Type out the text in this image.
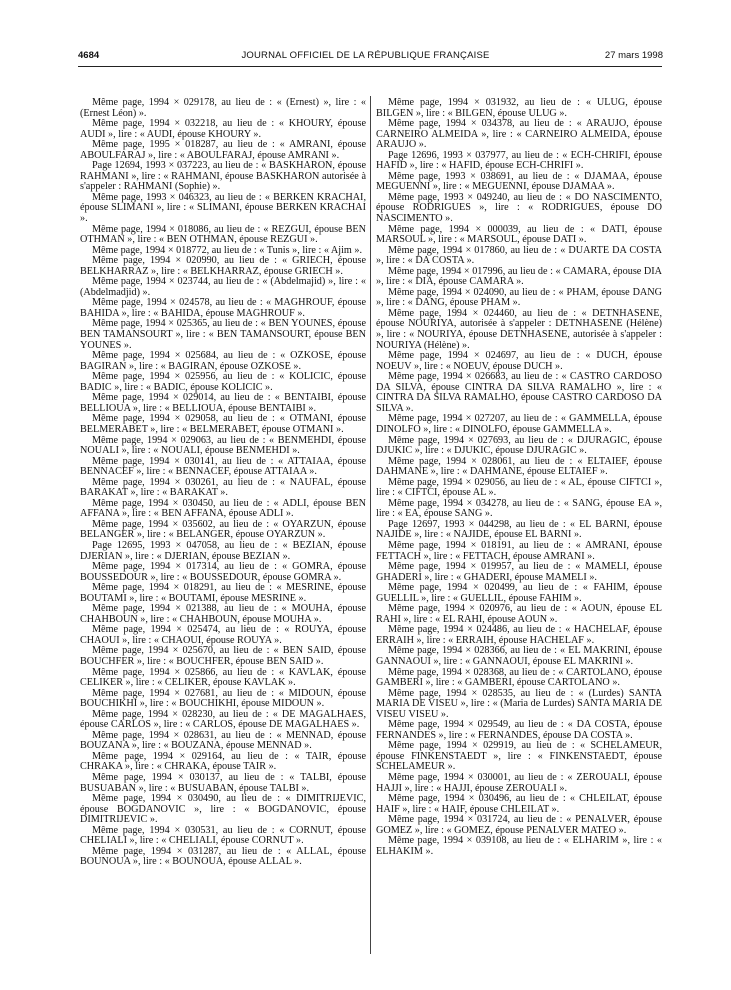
4684	JOURNAL OFFICIEL DE LA RÉPUBLIQUE FRANÇAISE	27 mars 1998

Même page, 1994 × 029178, au lieu de : « (Ernest) », lire : « (Ernest Léon) ».

Même page, 1994 × 032218, au lieu de : « KHOURY, épouse AUDI », lire : « AUDI, épouse KHOURY ».

Même page, 1995 × 018287, au lieu de : « AMRANI, épouse ABOULFARAJ », lire : « ABOULFARAJ, épouse AMRANI ».

Page 12694, 1993 × 037223, au lieu de : « BASKHARON, épouse RAHMANI », lire : « RAHMANI, épouse BASKHARON autorisée à s'appeler : RAHMANI (Sophie) ».

Même page, 1993 × 046323, au lieu de : « BERKEN KRACHAI, épouse SLIMANI », lire : « SLIMANI, épouse BERKEN KRACHAI ».

Même page, 1994 × 018086, au lieu de : « REZGUI, épouse BEN OTHMAN », lire : « BEN OTHMAN, épouse REZGUI ».

Même page, 1994 × 018772, au lieu de : « Tunis », lire : « Ajim ».

Même page, 1994 × 020990, au lieu de : « GRIECH, épouse BELKHARRAZ », lire : « BELKHARRAZ, épouse GRIECH ».

Même page, 1994 × 023744, au lieu de : « (Abdelmajid) », lire : « (Abdelmadjid) ».

Même page, 1994 × 024578, au lieu de : « MAGHROUF, épouse BAHIDA », lire : « BAHIDA, épouse MAGHROUF ».

Même page, 1994 × 025365, au lieu de : « BEN YOUNES, épouse BEN TAMANSOURT », lire : « BEN TAMANSOURT, épouse BEN YOUNES ».

Même page, 1994 × 025684, au lieu de : « OZKOSE, épouse BAGIRAN », lire : « BAGIRAN, épouse OZKOSE ».

Même page, 1994 × 025956, au lieu de : « KOLICIC, épouse BADIC », lire : « BADIC, épouse KOLICIC ».

Même page, 1994 × 029014, au lieu de : « BENTAIBI, épouse BELLIOUA », lire : « BELLIOUA, épouse BENTAIBI ».

Même page, 1994 × 029058, au lieu de : « OTMANI, épouse BELMERABET », lire : « BELMERABET, épouse OTMANI ».

Même page, 1994 × 029063, au lieu de : « BENMEHDI, épouse NOUALI », lire : « NOUALI, épouse BENMEHDI ».

Même page, 1994 × 030141, au lieu de : « ATTAIAA, épouse BENNACEF », lire : « BENNACEF, épouse ATTAIAA ».

Même page, 1994 × 030261, au lieu de : « NAUFAL, épouse BARAKAT », lire : « BARAKAT ».

Même page, 1994 × 030450, au lieu de : « ADLI, épouse BEN AFFANA », lire : « BEN AFFANA, épouse ADLI ».

Même page, 1994 × 035602, au lieu de : « OYARZUN, épouse BELANGER », lire : « BELANGER, épouse OYARZUN ».

Page 12695, 1993 × 047058, au lieu de : « BEZIAN, épouse DJERIAN », lire : « DJERIAN, épouse BEZIAN ».

Même page, 1994 × 017314, au lieu de : « GOMRA, épouse BOUSSEDOUR », lire : « BOUSSEDOUR, épouse GOMRA ».

Même page, 1994 × 018291, au lieu de : « MESRINE, épouse BOUTAMI », lire : « BOUTAMI, épouse MESRINE ».

Même page, 1994 × 021388, au lieu de : « MOUHA, épouse CHAHBOUN », lire : « CHAHBOUN, épouse MOUHA ».

Même page, 1994 × 025474, au lieu de : « ROUYA, épouse CHAOUI », lire : « CHAOUI, épouse ROUYA ».

Même page, 1994 × 025670, au lieu de : « BEN SAID, épouse BOUCHFER », lire : « BOUCHFER, épouse BEN SAID ».

Même page, 1994 × 025866, au lieu de : « KAVLAK, épouse CELIKER », lire : « CELIKER, épouse KAVLAK ».

Même page, 1994 × 027681, au lieu de : « MIDOUN, épouse BOUCHIKHI », lire : « BOUCHIKHI, épouse MIDOUN ».

Même page, 1994 × 028230, au lieu de : « DE MAGALHAES, épouse CARLOS », lire : « CARLOS, épouse DE MAGALHAES ».

Même page, 1994 × 028631, au lieu de : « MENNAD, épouse BOUZANA », lire : « BOUZANA, épouse MENNAD ».

Même page, 1994 × 029164, au lieu de : « TAIR, épouse CHRAKA », lire : « CHRAKA, épouse TAIR ».

Même page, 1994 × 030137, au lieu de : « TALBI, épouse BUSUABAN », lire : « BUSUABAN, épouse TALBI ».

Même page, 1994 × 030490, au lieu de : « DIMITRIJEVIC, épouse BOGDANOVIC », lire : « BOGDANOVIC, épouse DIMITRIJEVIC ».

Même page, 1994 × 030531, au lieu de : « CORNUT, épouse CHELIALI », lire : « CHELIALI, épouse CORNUT ».

Même page, 1994 × 031287, au lieu de : « ALLAL, épouse BOUNOUA », lire : « BOUNOUA, épouse ALLAL ».

Même page, 1994 × 031932, au lieu de : « ULUG, épouse BILGEN », lire : « BILGEN, épouse ULUG ».

Même page, 1994 × 034378, au lieu de : « ARAUJO, épouse CARNEIRO ALMEIDA », lire : « CARNEIRO ALMEIDA, épouse ARAUJO ».

Page 12696, 1993 × 037977, au lieu de : « ECH-CHRIFI, épouse HAFID », lire : « HAFID, épouse ECH-CHRIFI ».

Même page, 1993 × 038691, au lieu de : « DJAMAA, épouse MEGUENNI », lire : « MEGUENNI, épouse DJAMAA ».

Même page, 1993 × 049240, au lieu de : « DO NASCIMENTO, épouse RODRIGUES », lire : « RODRIGUES, épouse DO NASCIMENTO ».

Même page, 1994 × 000039, au lieu de : « DATI, épouse MARSOUL », lire : « MARSOUL, épouse DATI ».

Même page, 1994 × 017860, au lieu de : « DUARTE DA COSTA », lire : « DA COSTA ».

Même page, 1994 × 017996, au lieu de : « CAMARA, épouse DIA », lire : « DIA, épouse CAMARA ».

Même page, 1994 × 024090, au lieu de : « PHAM, épouse DANG », lire : « DANG, épouse PHAM ».

Même page, 1994 × 024460, au lieu de : « DETNHASENE, épouse NOURIYA, autorisée à s'appeler : DETNHASENE (Hélène) », lire : « NOURIYA, épouse DETNHASENE, autorisée à s'appeler : NOURIYA (Hélène) ».

Même page, 1994 × 024697, au lieu de : « DUCH, épouse NOEUV », lire : « NOEUV, épouse DUCH ».

Même page, 1994 × 026683, au lieu de : « CASTRO CARDOSO DA SILVA, épouse CINTRA DA SILVA RAMALHO », lire : « CINTRA DA SILVA RAMALHO, épouse CASTRO CARDOSO DA SILVA ».

Même page, 1994 × 027207, au lieu de : « GAMMELLA, épouse DINOLFO », lire : « DINOLFO, épouse GAMMELLA ».

Même page, 1994 × 027693, au lieu de : « DJURAGIC, épouse DJUKIC », lire : « DJUKIC, épouse DJURAGIC ».

Même page, 1994 × 028061, au lieu de : « ELTAIEF, épouse DAHMANE », lire : « DAHMANE, épouse ELTAIEF ».

Même page, 1994 × 029056, au lieu de : « AL, épouse CIFTCI », lire : « CIFTCI, épouse AL ».

Même page, 1994 × 034278, au lieu de : « SANG, épouse EA », lire : « EA, épouse SANG ».

Page 12697, 1993 × 044298, au lieu de : « EL BARNI, épouse NAJIDE », lire : « NAJIDE, épouse EL BARNI ».

Même page, 1994 × 018191, au lieu de : « AMRANI, épouse FETTACH », lire : « FETTACH, épouse AMRANI ».

Même page, 1994 × 019957, au lieu de : « MAMELI, épouse GHADERI », lire : « GHADERI, épouse MAMELI ».

Même page, 1994 × 020499, au lieu de : « FAHIM, épouse GUELLIL », lire : « GUELLIL, épouse FAHIM ».

Même page, 1994 × 020976, au lieu de : « AOUN, épouse EL RAHI », lire : « EL RAHI, épouse AOUN ».

Même page, 1994 × 024486, au lieu de : « HACHELAF, épouse ERRAIH », lire : « ERRAIH, épouse HACHELAF ».

Même page, 1994 × 028366, au lieu de : « EL MAKRINI, épouse GANNAOUI », lire : « GANNAOUI, épouse EL MAKRINI ».

Même page, 1994 × 028368, au lieu de : « CARTOLANO, épouse GAMBERI », lire : « GAMBERI, épouse CARTOLANO ».

Même page, 1994 × 028535, au lieu de : « (Lurdes) SANTA MARIA DE VISEU », lire : « (Maria de Lurdes) SANTA MARIA DE VISEU VISEU ».

Même page, 1994 × 029549, au lieu de : « DA COSTA, épouse FERNANDES », lire : « FERNANDES, épouse DA COSTA ».

Même page, 1994 × 029919, au lieu de : « SCHELAMEUR, épouse FINKENSTAEDT », lire : « FINKENSTAEDT, épouse SCHELAMEUR ».

Même page, 1994 × 030001, au lieu de : « ZEROUALI, épouse HAJJI », lire : « HAJJI, épouse ZEROUALI ».

Même page, 1994 × 030496, au lieu de : « CHLEILAT, épouse HAIF », lire : « HAIF, épouse CHLEILAT ».

Même page, 1994 × 031724, au lieu de : « PENALVER, épouse GOMEZ », lire : « GOMEZ, épouse PENALVER MATEO ».

Même page, 1994 × 039108, au lieu de : « ELHARIM », lire : « ELHAKIM ».
